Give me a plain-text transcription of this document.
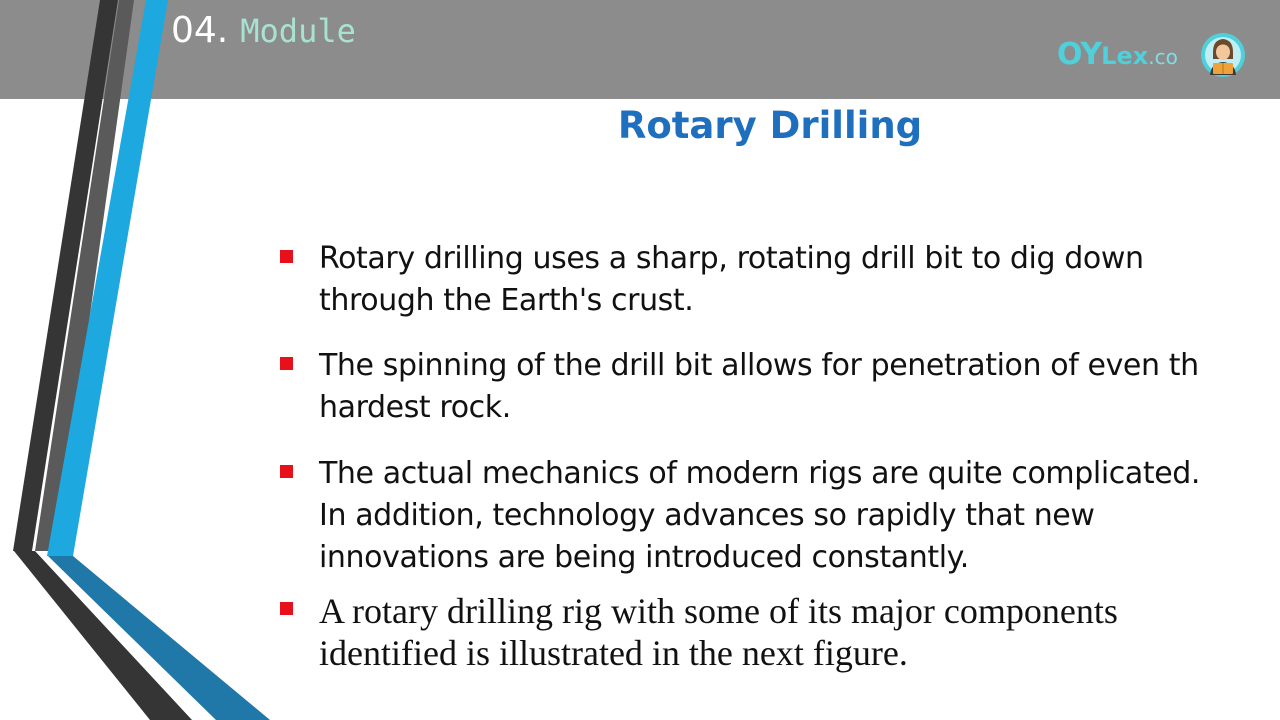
04. Module
OYLex.co
Rotary Drilling
Rotary drilling uses a sharp, rotating drill bit to dig down
through the Earth's crust.
The spinning of the drill bit allows for penetration of even th
hardest rock.
The actual mechanics of modern rigs are quite complicated.
In addition, technology advances so rapidly that new
innovations are being introduced constantly.
A rotary drilling rig with some of its major components
identified is illustrated in the next figure.
